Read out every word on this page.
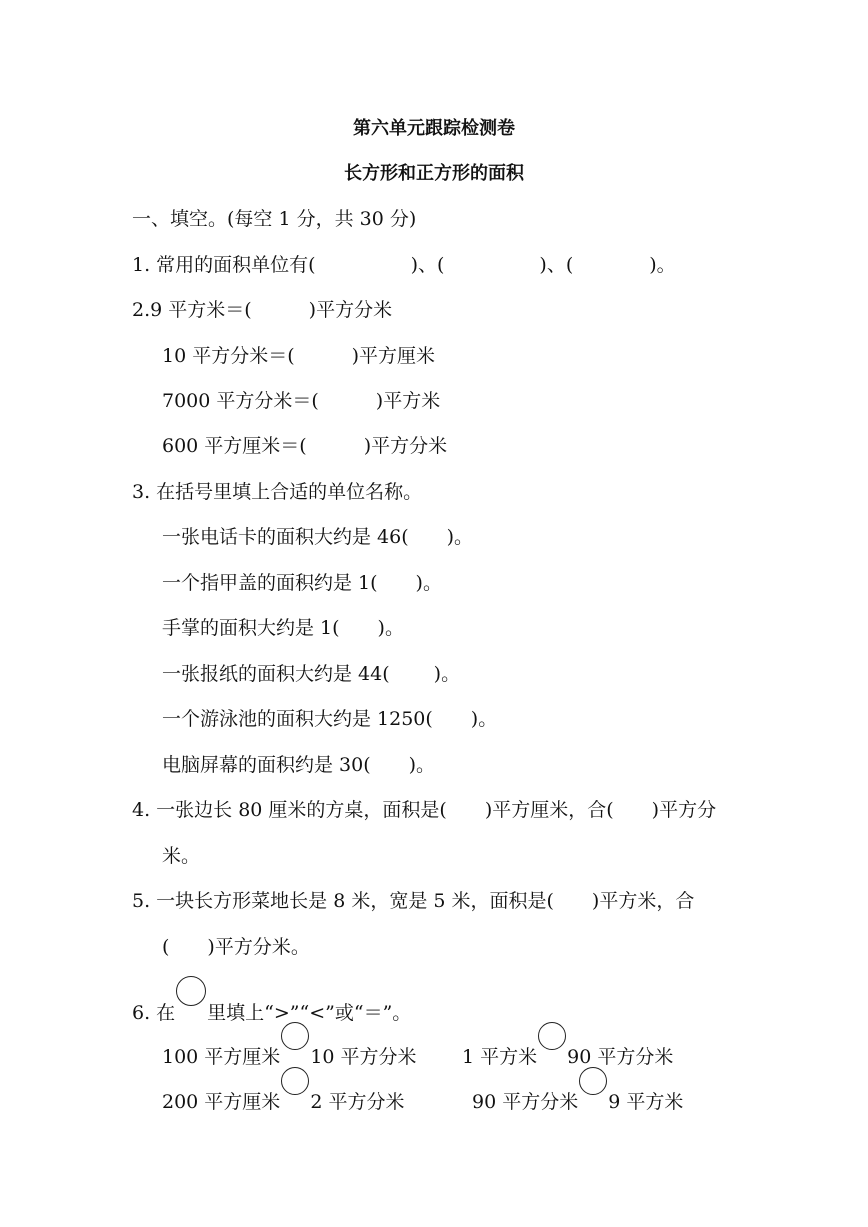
第六单元跟踪检测卷
长方形和正方形的面积
一、填空。(每空 1 分，共 30 分)
1. 常用的面积单位有(　　　　　)、(　　　　　)、(　　　　)。
2.9 平方米＝(　　　)平方分米
10 平方分米＝(　　　)平方厘米
7000 平方分米＝(　　　)平方米
600 平方厘米＝(　　　)平方分米
3. 在括号里填上合适的单位名称。
一张电话卡的面积大约是 46(　　)。
一个指甲盖的面积约是 1(　　)。
手掌的面积大约是 1(　　)。
一张报纸的面积大约是 44(　　 )。
一个游泳池的面积大约是 1250(　　)。
电脑屏幕的面积约是 30(　　)。
4. 一张边长 80 厘米的方桌，面积是(　　)平方厘米，合(　　)平方分
米。
5. 一块长方形菜地长是 8 米，宽是 5 米，面积是(　　)平方米，合
(　　)平方分米。
6. 在 里填上“>”“<”或“＝”。
100 平方厘米 10 平方分米 1 平方米 90 平方分米
200 平方厘米 2 平方分米	90 平方分米 9 平方米
